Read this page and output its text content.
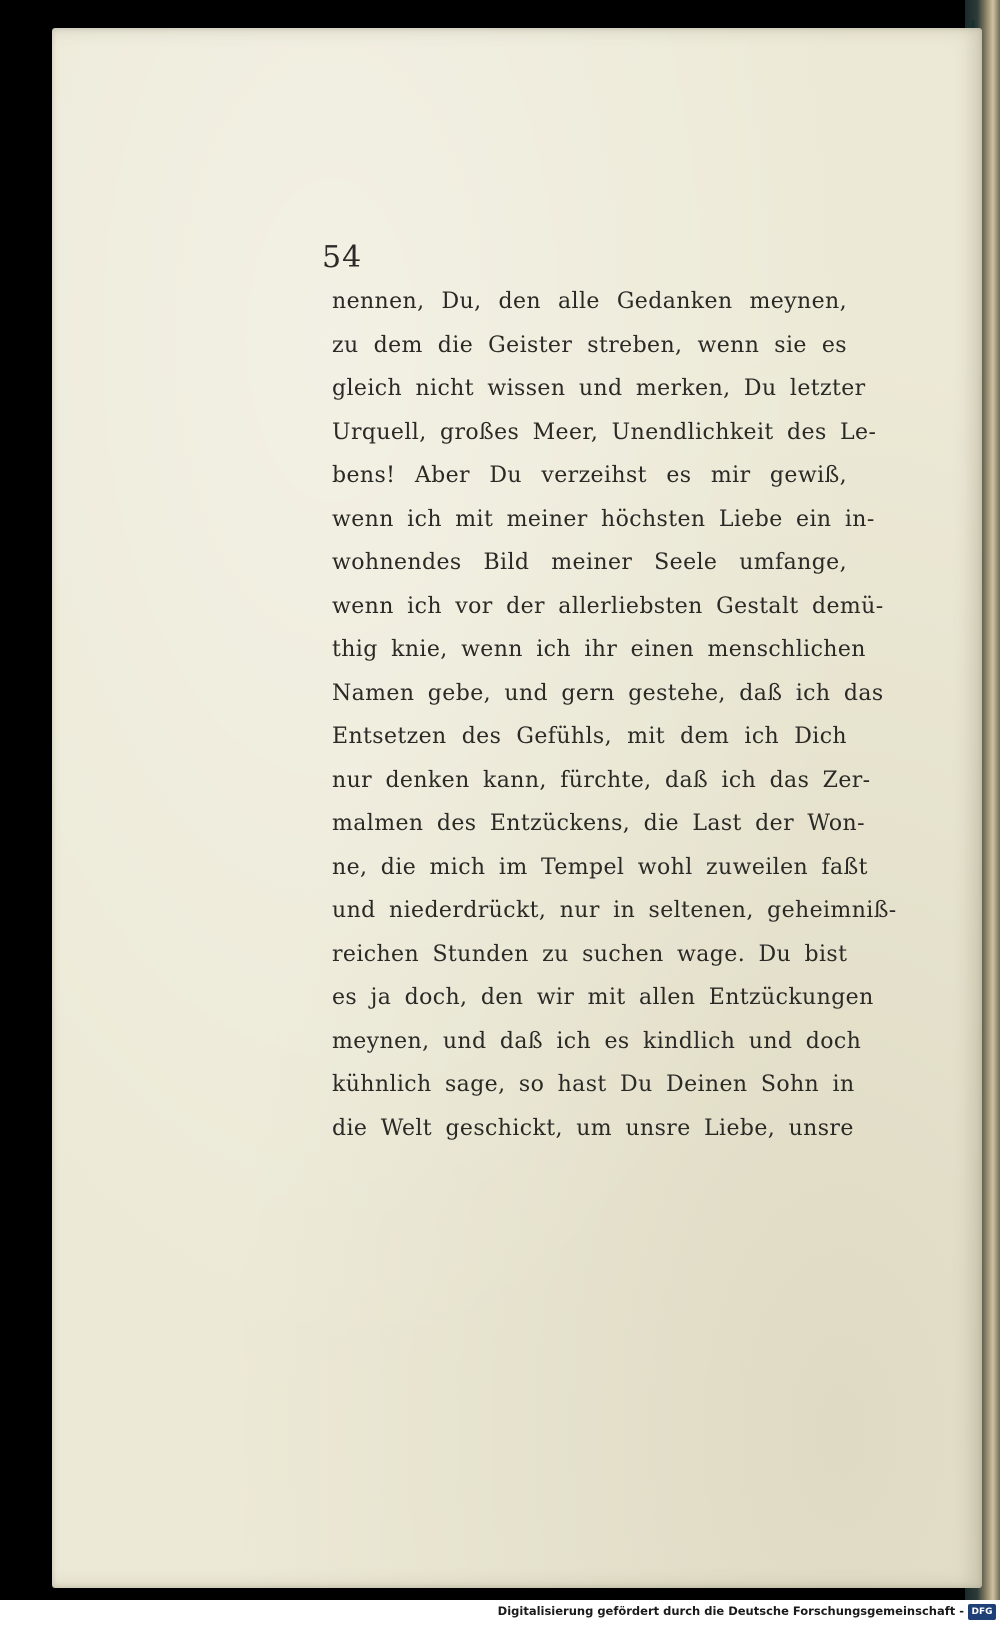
54
nennen, Du, den alle Gedanken meynen,
zu dem die Geister streben, wenn sie es
gleich nicht wissen und merken, Du letzter
Urquell, großes Meer, Unendlichkeit des Le-
bens! Aber Du verzeihst es mir gewiß,
wenn ich mit meiner höchsten Liebe ein in-
wohnendes Bild meiner Seele umfange,
wenn ich vor der allerliebsten Gestalt demü-
thig knie, wenn ich ihr einen menschlichen
Namen gebe, und gern gestehe, daß ich das
Entsetzen des Gefühls, mit dem ich Dich
nur denken kann, fürchte, daß ich das Zer-
malmen des Entzückens, die Last der Won-
ne, die mich im Tempel wohl zuweilen faßt
und niederdrückt, nur in seltenen, geheimniß-
reichen Stunden zu suchen wage. Du bist
es ja doch, den wir mit allen Entzückungen
meynen, und daß ich es kindlich und doch
kühnlich sage, so hast Du Deinen Sohn in
die Welt geschickt, um unsre Liebe, unsre
Digitalisierung gefördert durch die Deutsche Forschungsgemeinschaft - DFG
